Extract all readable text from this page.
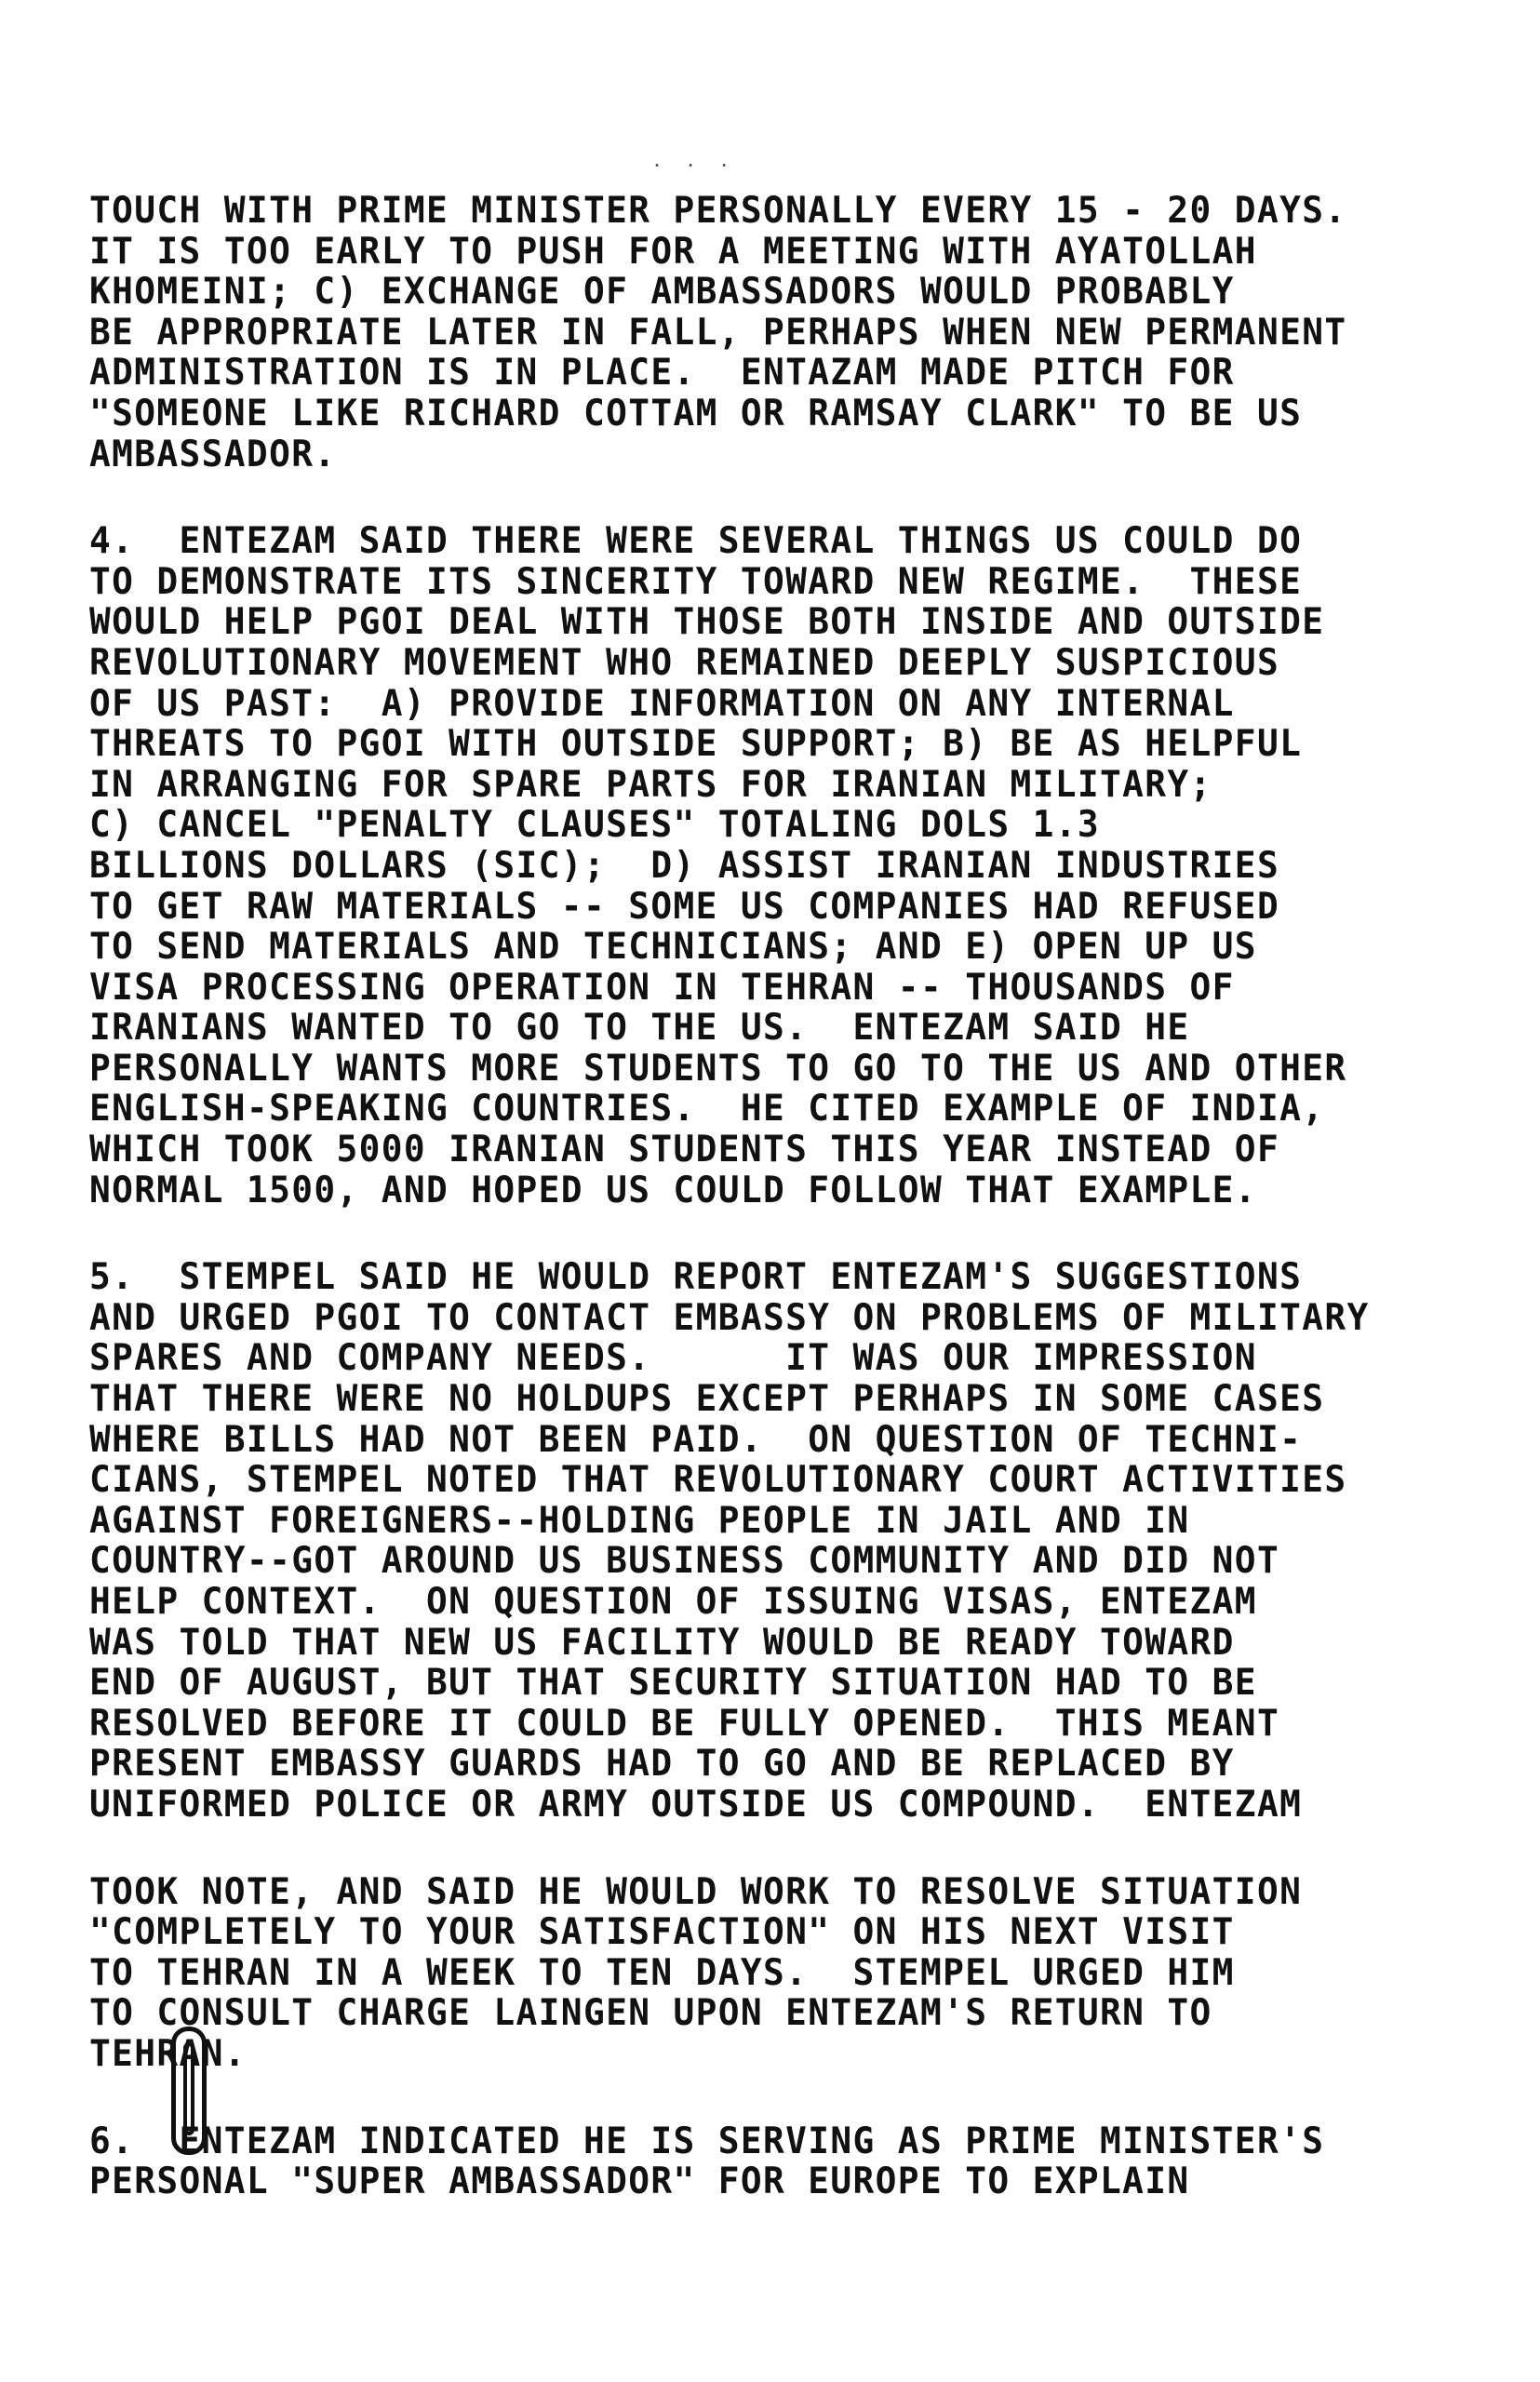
. . .
TOUCH WITH PRIME MINISTER PERSONALLY EVERY 15 - 20 DAYS.
IT IS TOO EARLY TO PUSH FOR A MEETING WITH AYATOLLAH
KHOMEINI; C) EXCHANGE OF AMBASSADORS WOULD PROBABLY
BE APPROPRIATE LATER IN FALL, PERHAPS WHEN NEW PERMANENT
ADMINISTRATION IS IN PLACE.  ENTAZAM MADE PITCH FOR
"SOMEONE LIKE RICHARD COTTAM OR RAMSAY CLARK" TO BE US
AMBASSADOR.
4.  ENTEZAM SAID THERE WERE SEVERAL THINGS US COULD DO
TO DEMONSTRATE ITS SINCERITY TOWARD NEW REGIME.  THESE
WOULD HELP PGOI DEAL WITH THOSE BOTH INSIDE AND OUTSIDE
REVOLUTIONARY MOVEMENT WHO REMAINED DEEPLY SUSPICIOUS
OF US PAST:  A) PROVIDE INFORMATION ON ANY INTERNAL
THREATS TO PGOI WITH OUTSIDE SUPPORT; B) BE AS HELPFUL
IN ARRANGING FOR SPARE PARTS FOR IRANIAN MILITARY;
C) CANCEL "PENALTY CLAUSES" TOTALING DOLS 1.3
BILLIONS DOLLARS (SIC);  D) ASSIST IRANIAN INDUSTRIES
TO GET RAW MATERIALS -- SOME US COMPANIES HAD REFUSED
TO SEND MATERIALS AND TECHNICIANS; AND E) OPEN UP US
VISA PROCESSING OPERATION IN TEHRAN -- THOUSANDS OF
IRANIANS WANTED TO GO TO THE US.  ENTEZAM SAID HE
PERSONALLY WANTS MORE STUDENTS TO GO TO THE US AND OTHER
ENGLISH-SPEAKING COUNTRIES.  HE CITED EXAMPLE OF INDIA,
WHICH TOOK 5000 IRANIAN STUDENTS THIS YEAR INSTEAD OF
NORMAL 1500, AND HOPED US COULD FOLLOW THAT EXAMPLE.
5.  STEMPEL SAID HE WOULD REPORT ENTEZAM'S SUGGESTIONS
AND URGED PGOI TO CONTACT EMBASSY ON PROBLEMS OF MILITARY
SPARES AND COMPANY NEEDS.      IT WAS OUR IMPRESSION
THAT THERE WERE NO HOLDUPS EXCEPT PERHAPS IN SOME CASES
WHERE BILLS HAD NOT BEEN PAID.  ON QUESTION OF TECHNI-
CIANS, STEMPEL NOTED THAT REVOLUTIONARY COURT ACTIVITIES
AGAINST FOREIGNERS--HOLDING PEOPLE IN JAIL AND IN
COUNTRY--GOT AROUND US BUSINESS COMMUNITY AND DID NOT
HELP CONTEXT.  ON QUESTION OF ISSUING VISAS, ENTEZAM
WAS TOLD THAT NEW US FACILITY WOULD BE READY TOWARD
END OF AUGUST, BUT THAT SECURITY SITUATION HAD TO BE
RESOLVED BEFORE IT COULD BE FULLY OPENED.  THIS MEANT
PRESENT EMBASSY GUARDS HAD TO GO AND BE REPLACED BY
UNIFORMED POLICE OR ARMY OUTSIDE US COMPOUND.  ENTEZAM
TOOK NOTE, AND SAID HE WOULD WORK TO RESOLVE SITUATION
"COMPLETELY TO YOUR SATISFACTION" ON HIS NEXT VISIT
TO TEHRAN IN A WEEK TO TEN DAYS.  STEMPEL URGED HIM
TO CONSULT CHARGE LAINGEN UPON ENTEZAM'S RETURN TO
TEHRAN.
6.  ENTEZAM INDICATED HE IS SERVING AS PRIME MINISTER'S
PERSONAL "SUPER AMBASSADOR" FOR EUROPE TO EXPLAIN
